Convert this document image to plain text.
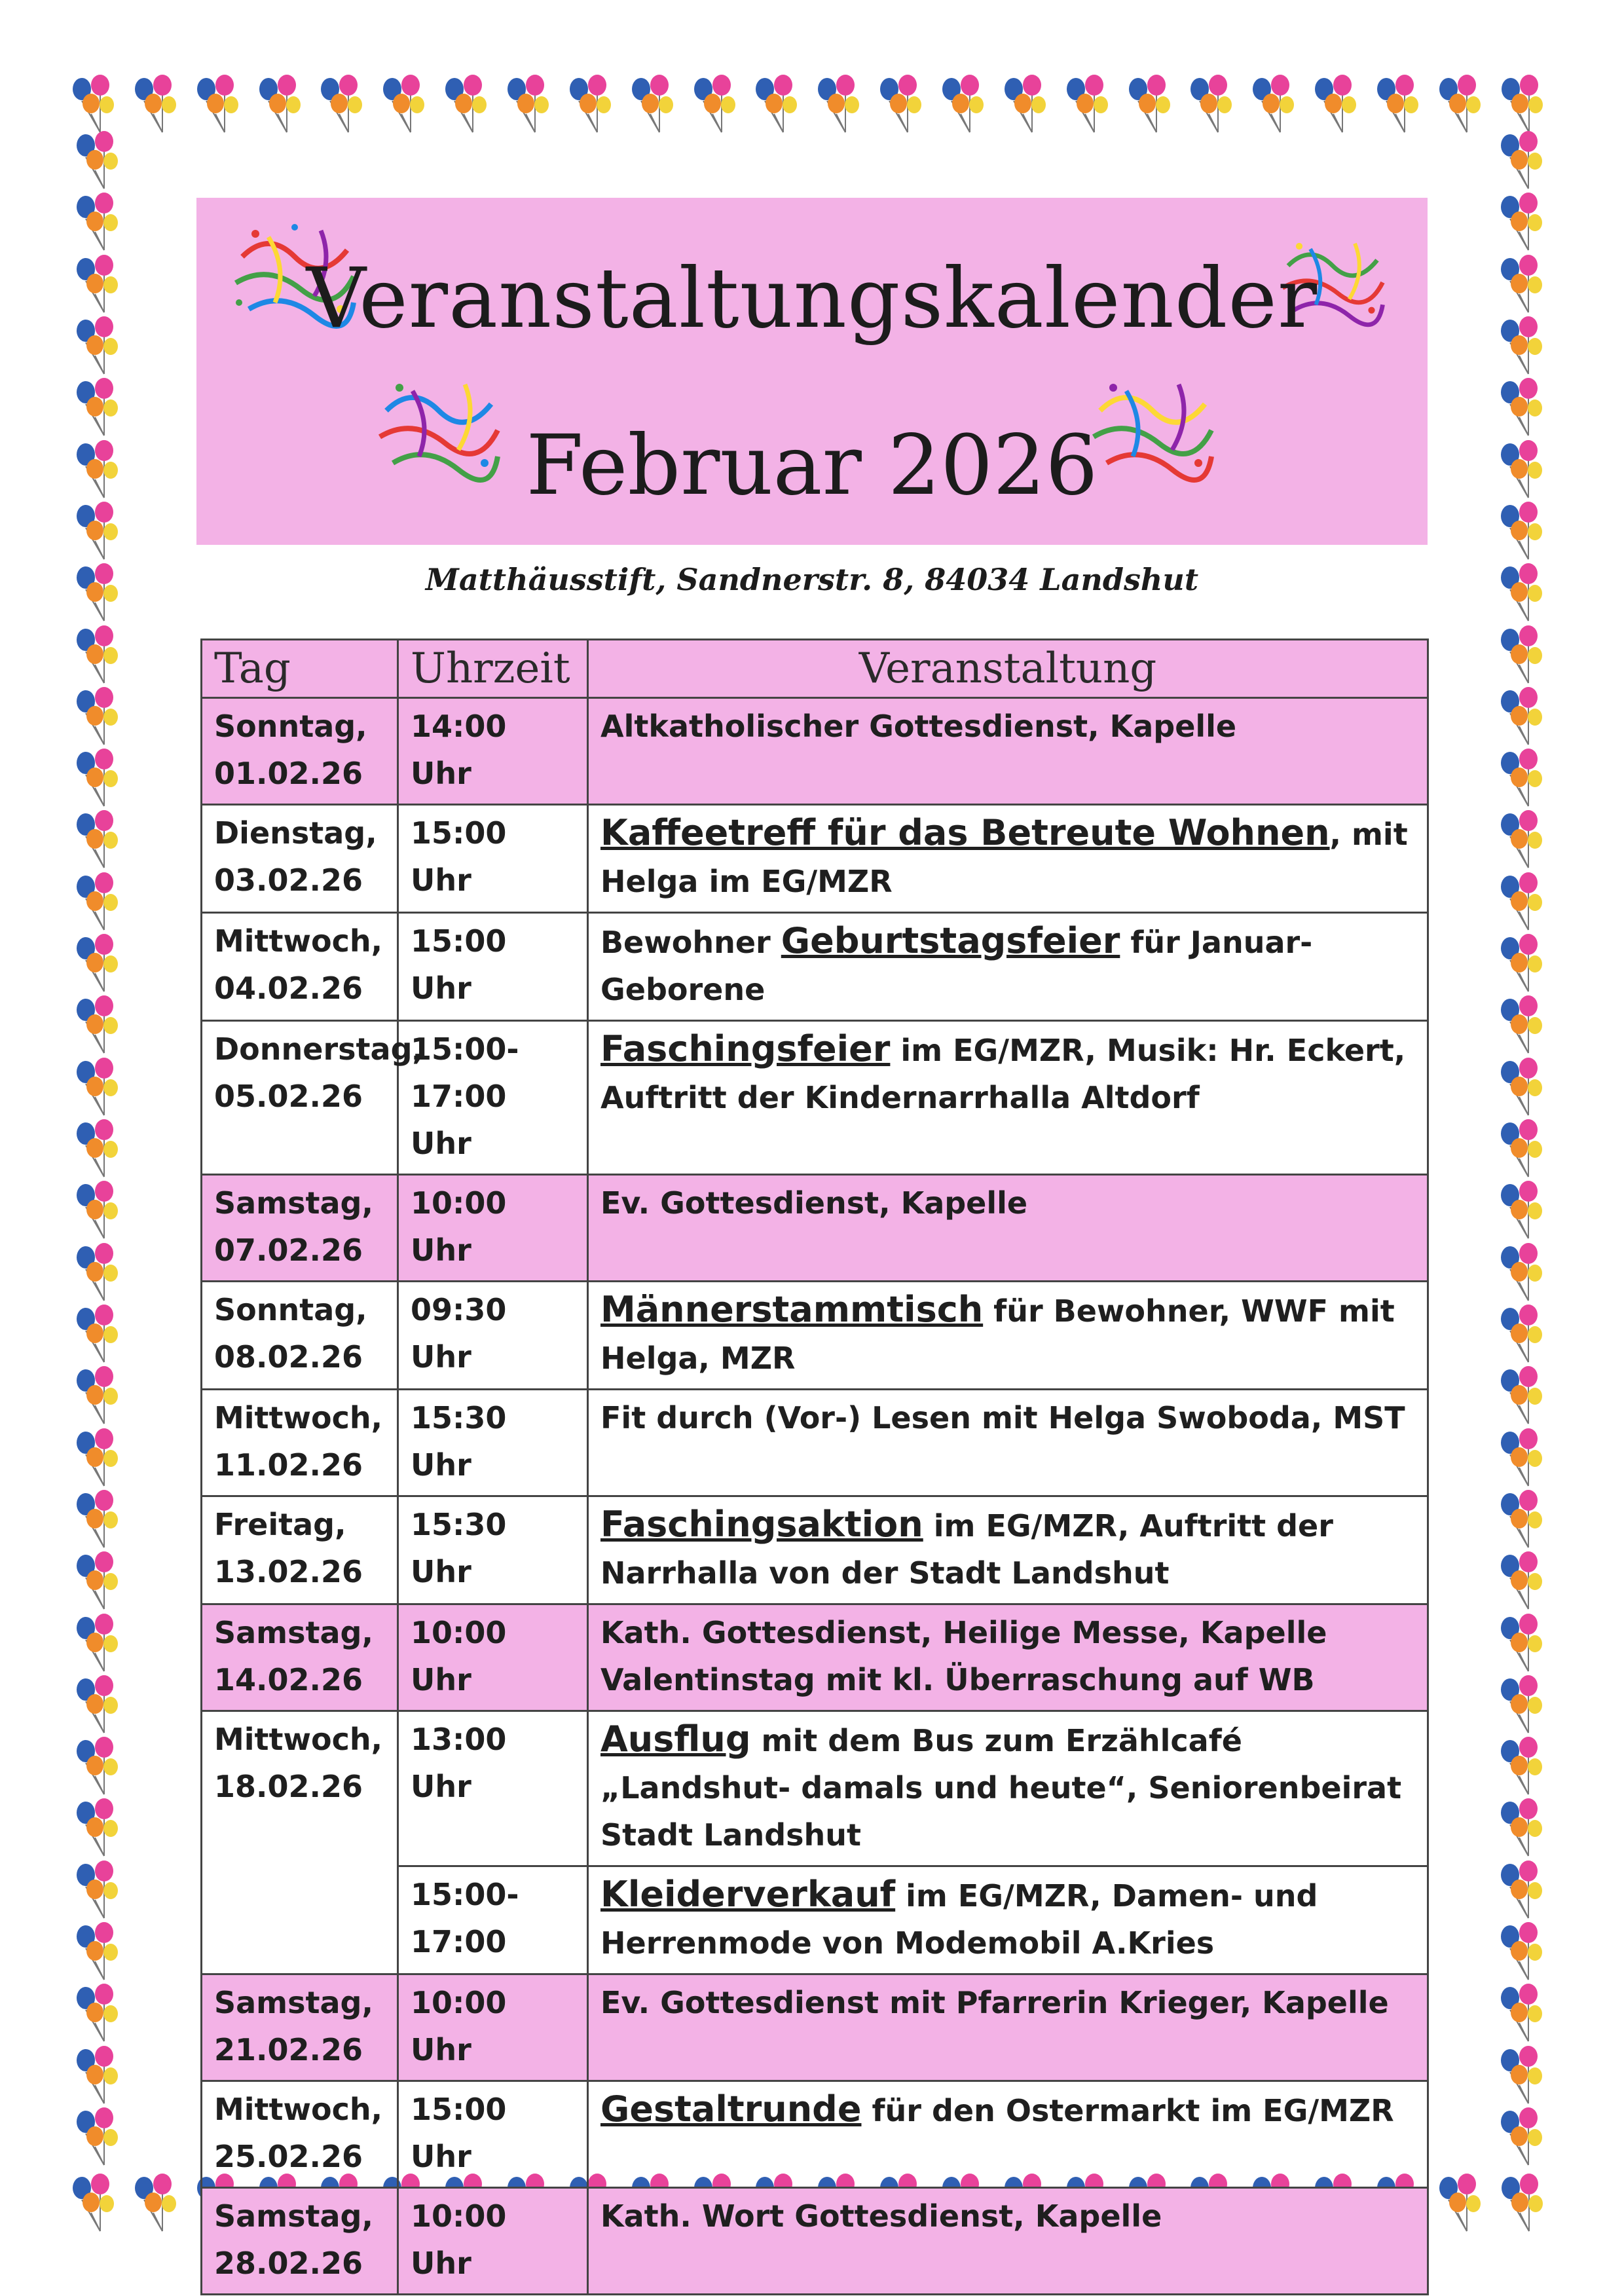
Veranstaltungskalender
Februar 2026
Matthäusstift, Sandnerstr. 8, 84034 Landshut
Tag	Uhrzeit	Veranstaltung
Sonntag, 01.02.26	14:00 Uhr	Altkatholischer Gottesdienst, Kapelle
Dienstag, 03.02.26	15:00 Uhr	Kaffeetreff für das Betreute Wohnen, mit Helga im EG/MZR
Mittwoch, 04.02.26	15:00 Uhr	Bewohner Geburtstagsfeier für Januar-Geborene
Donnerstag, 05.02.26	15:00-17:00 Uhr	Faschingsfeier im EG/MZR, Musik: Hr. Eckert, Auftritt der Kindernarrhalla Altdorf
Samstag, 07.02.26	10:00 Uhr	Ev. Gottesdienst, Kapelle
Sonntag, 08.02.26	09:30 Uhr	Männerstammtisch für Bewohner, WWF mit Helga, MZR
Mittwoch, 11.02.26	15:30 Uhr	Fit durch (Vor-) Lesen mit Helga Swoboda, MST
Freitag, 13.02.26	15:30 Uhr	Faschingsaktion im EG/MZR, Auftritt der Narrhalla von der Stadt Landshut
Samstag, 14.02.26	10:00 Uhr	Kath. Gottesdienst, Heilige Messe, Kapelle Valentinstag mit kl. Überraschung auf WB
Mittwoch, 18.02.26	13:00 Uhr	Ausflug mit dem Bus zum Erzählcafé „Landshut- damals und heute“, Seniorenbeirat Stadt Landshut
	15:00-17:00	Kleiderverkauf im EG/MZR, Damen- und Herrenmode von Modemobil A.Kries
Samstag, 21.02.26	10:00 Uhr	Ev. Gottesdienst mit Pfarrerin Krieger, Kapelle
Mittwoch, 25.02.26	15:00 Uhr	Gestaltrunde für den Ostermarkt im EG/MZR
Samstag, 28.02.26	10:00 Uhr	Kath. Wort Gottesdienst, Kapelle
